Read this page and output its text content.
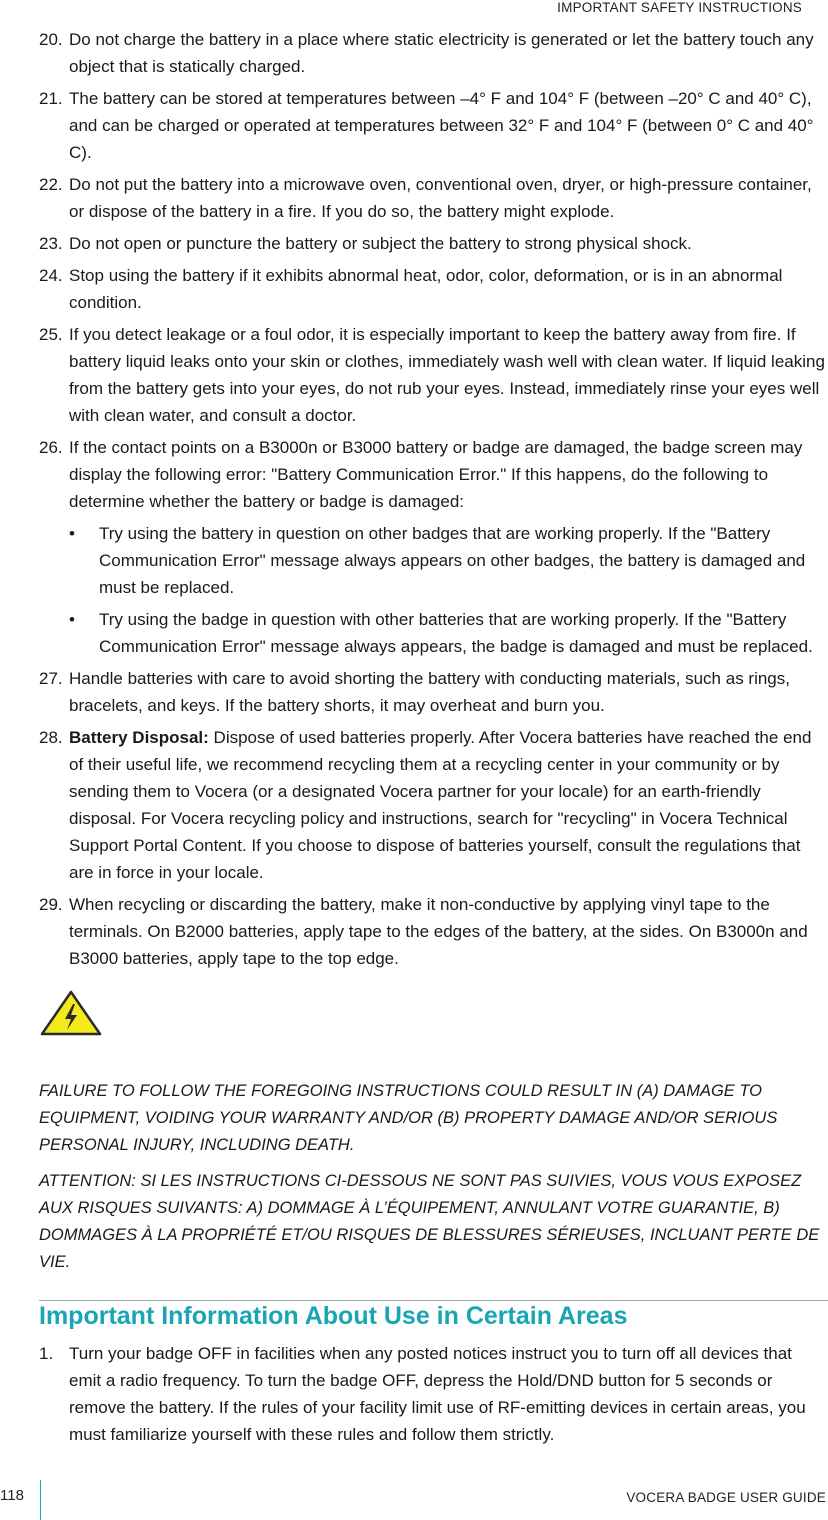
IMPORTANT SAFETY INSTRUCTIONS
20. Do not charge the battery in a place where static electricity is generated or let the battery touch any object that is statically charged.
21. The battery can be stored at temperatures between –4° F and 104° F (between –20° C and 40° C), and can be charged or operated at temperatures between 32° F and 104° F (between 0° C and 40° C).
22. Do not put the battery into a microwave oven, conventional oven, dryer, or high-pressure container, or dispose of the battery in a fire. If you do so, the battery might explode.
23. Do not open or puncture the battery or subject the battery to strong physical shock.
24. Stop using the battery if it exhibits abnormal heat, odor, color, deformation, or is in an abnormal condition.
25. If you detect leakage or a foul odor, it is especially important to keep the battery away from fire. If battery liquid leaks onto your skin or clothes, immediately wash well with clean water. If liquid leaking from the battery gets into your eyes, do not rub your eyes. Instead, immediately rinse your eyes well with clean water, and consult a doctor.
26. If the contact points on a B3000n or B3000 battery or badge are damaged, the badge screen may display the following error: "Battery Communication Error." If this happens, do the following to determine whether the battery or badge is damaged:
• Try using the battery in question on other badges that are working properly. If the "Battery Communication Error" message always appears on other badges, the battery is damaged and must be replaced.
• Try using the badge in question with other batteries that are working properly. If the "Battery Communication Error" message always appears, the badge is damaged and must be replaced.
27. Handle batteries with care to avoid shorting the battery with conducting materials, such as rings, bracelets, and keys. If the battery shorts, it may overheat and burn you.
28. Battery Disposal: Dispose of used batteries properly. After Vocera batteries have reached the end of their useful life, we recommend recycling them at a recycling center in your community or by sending them to Vocera (or a designated Vocera partner for your locale) for an earth-friendly disposal. For Vocera recycling policy and instructions, search for "recycling" in Vocera Technical Support Portal Content. If you choose to dispose of batteries yourself, consult the regulations that are in force in your locale.
29. When recycling or discarding the battery, make it non-conductive by applying vinyl tape to the terminals. On B2000 batteries, apply tape to the edges of the battery, at the sides. On B3000n and B3000 batteries, apply tape to the top edge.
FAILURE TO FOLLOW THE FOREGOING INSTRUCTIONS COULD RESULT IN (A) DAMAGE TO EQUIPMENT, VOIDING YOUR WARRANTY AND/OR (B) PROPERTY DAMAGE AND/OR SERIOUS PERSONAL INJURY, INCLUDING DEATH.
ATTENTION: SI LES INSTRUCTIONS CI-DESSOUS NE SONT PAS SUIVIES, VOUS VOUS EXPOSEZ AUX RISQUES SUIVANTS: A) DOMMAGE À L’ÉQUIPEMENT, ANNULANT VOTRE GUARANTIE, B) DOMMAGES À LA PROPRIÉTÉ ET/OU RISQUES DE BLESSURES SÉRIEUSES, INCLUANT PERTE DE VIE.
Important Information About Use in Certain Areas
1. Turn your badge OFF in facilities when any posted notices instruct you to turn off all devices that emit a radio frequency. To turn the badge OFF, depress the Hold/DND button for 5 seconds or remove the battery. If the rules of your facility limit use of RF-emitting devices in certain areas, you must familiarize yourself with these rules and follow them strictly.
118	VOCERA BADGE USER GUIDE
